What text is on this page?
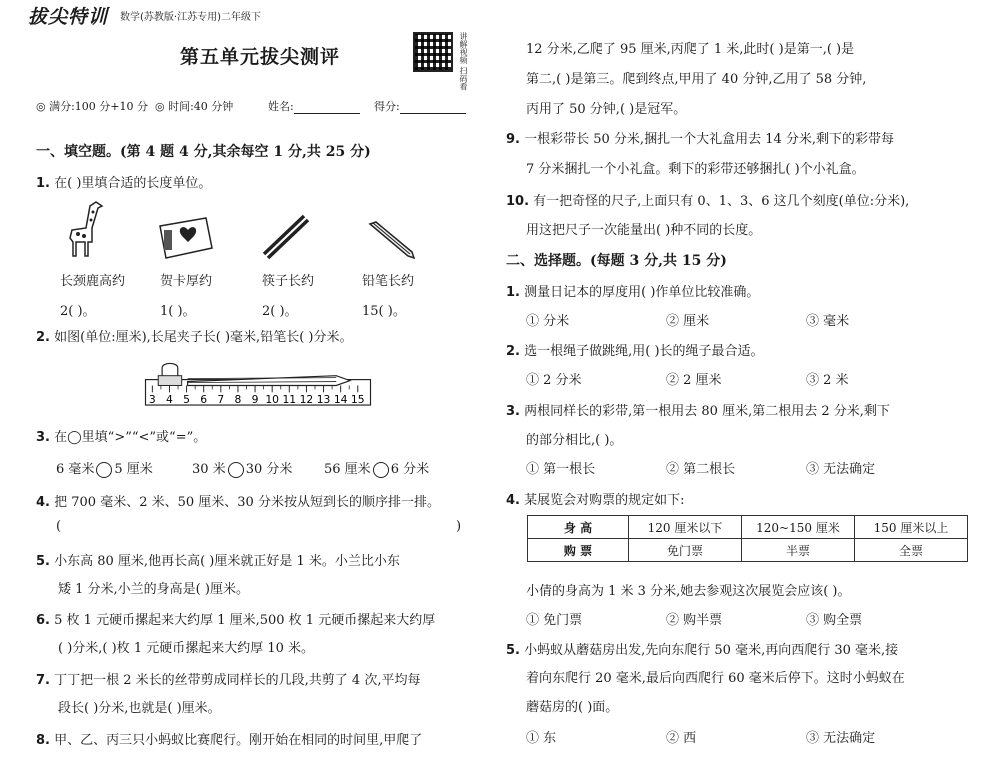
拔尖特训 数学(苏教版·江苏专用)二年级下
第五单元拔尖测评	讲解视频 扫码看
◎ 满分:100 分+10 分 ◎ 时间:40 分钟	姓名:	得分:
一、填空题。(第 4 题 4 分,其余每空 1 分,共 25 分)
1. 在( )里填合适的长度单位。
长颈鹿高约	贺卡厚约	筷子长约	铅笔长约
2( )。	1( )。	2( )。	15( )。
2. 如图(单位:厘米),长尾夹子长( )毫米,铅笔长( )分米。
3 4 5 6 7 8 9 10 11 12 13 14 15
3. 在◯里填“>”“<”或“=”。
6 毫米 5 厘米	30 米 30 分米 56 厘米 6 分米
4. 把 700 毫米、2 米、50 厘米、30 分米按从短到长的顺序排一排。
(	)
5. 小东高 80 厘米,他再长高( )厘米就正好是 1 米。小兰比小东
矮 1 分米,小兰的身高是( )厘米。
6. 5 枚 1 元硬币摞起来大约厚 1 厘米,500 枚 1 元硬币摞起来大约厚
( )分米,( )枚 1 元硬币摞起来大约厚 10 米。
7. 丁丁把一根 2 米长的丝带剪成同样长的几段,共剪了 4 次,平均每
段长( )分米,也就是( )厘米。
8. 甲、乙、丙三只小蚂蚁比赛爬行。刚开始在相同的时间里,甲爬了
12 分米,乙爬了 95 厘米,丙爬了 1 米,此时( )是第一,( )是
第二,( )是第三。爬到终点,甲用了 40 分钟,乙用了 58 分钟,
丙用了 50 分钟,( )是冠军。
9. 一根彩带长 50 分米,捆扎一个大礼盒用去 14 分米,剩下的彩带每
7 分米捆扎一个小礼盒。剩下的彩带还够捆扎( )个小礼盒。
10. 有一把奇怪的尺子,上面只有 0、1、3、6 这几个刻度(单位:分米),
用这把尺子一次能量出( )种不同的长度。
二、选择题。(每题 3 分,共 15 分)
1. 测量日记本的厚度用( )作单位比较准确。
① 分米	② 厘米	③ 毫米
2. 选一根绳子做跳绳,用( )长的绳子最合适。
① 2 分米	② 2 厘米	③ 2 米
3. 两根同样长的彩带,第一根用去 80 厘米,第二根用去 2 分米,剩下
的部分相比,( )。
① 第一根长	② 第二根长	③ 无法确定
4. 某展览会对购票的规定如下:
身 高	120 厘米以下	120~150 厘米	150 厘米以上
购 票	免门票	半票	全票
小倩的身高为 1 米 3 分米,她去参观这次展览会应该( )。
① 免门票	② 购半票	③ 购全票
5. 小蚂蚁从蘑菇房出发,先向东爬行 50 毫米,再向西爬行 30 毫米,接
着向东爬行 20 毫米,最后向西爬行 60 毫米后停下。这时小蚂蚁在
蘑菇房的( )面。
① 东	② 西	③ 无法确定
